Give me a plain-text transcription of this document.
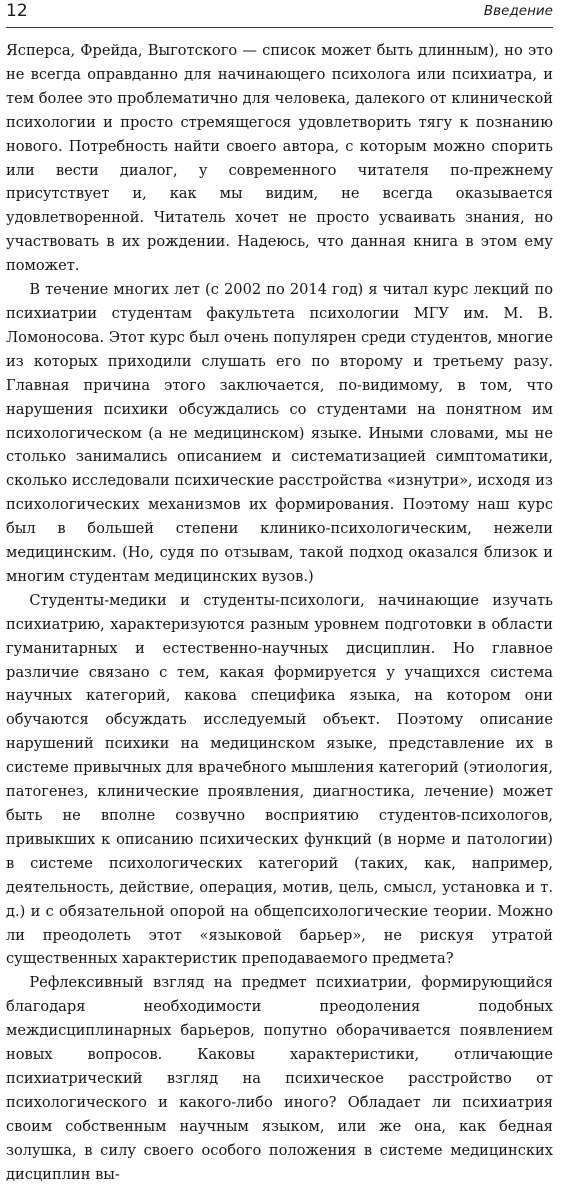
12	Введение

Ясперса, Фрейда, Выготского — список может быть длинным), но это не всегда оправданно для начинающего психолога или психиатра, и тем более это проблематично для человека, далекого от клинической психологии и просто стремящегося удовлетворить тягу к познанию нового. Потребность найти своего автора, с которым можно спорить или вести диалог, у современного читателя по-прежнему присутствует и, как мы видим, не всегда оказывается удовлетворенной. Читатель хочет не просто усваивать знания, но участвовать в их рождении. Надеюсь, что данная книга в этом ему поможет.

В течение многих лет (с 2002 по 2014 год) я читал курс лекций по психиатрии студентам факультета психологии МГУ им. М. В. Ломоносова. Этот курс был очень популярен среди студентов, многие из которых приходили слушать его по второму и третьему разу. Главная причина этого заключается, по-видимому, в том, что нарушения психики обсуждались со студентами на понятном им психологическом (а не медицинском) языке. Иными словами, мы не столько занимались описанием и систематизацией симптоматики, сколько исследовали психические расстройства «изнутри», исходя из психологических механизмов их формирования. Поэтому наш курс был в большей степени клинико-психологическим, нежели медицинским. (Но, судя по отзывам, такой подход оказался близок и многим студентам медицинских вузов.)

Студенты-медики и студенты-психологи, начинающие изучать психиатрию, характеризуются разным уровнем подготовки в области гуманитарных и естественно-научных дисциплин. Но главное различие связано с тем, какая формируется у учащихся система научных категорий, какова специфика языка, на котором они обучаются обсуждать исследуемый объект. Поэтому описание нарушений психики на медицинском языке, представление их в системе привычных для врачебного мышления категорий (этиология, патогенез, клинические проявления, диагностика, лечение) может быть не вполне созвучно восприятию студентов-психологов, привыкших к описанию психических функций (в норме и патологии) в системе психологических категорий (таких, как, например, деятельность, действие, операция, мотив, цель, смысл, установка и т. д.) и с обязательной опорой на общепсихологические теории. Можно ли преодолеть этот «языковой барьер», не рискуя утратой существенных характеристик преподаваемого предмета?

Рефлексивный взгляд на предмет психиатрии, формирующийся благодаря необходимости преодоления подобных междисциплинарных барьеров, попутно оборачивается появлением новых вопросов. Каковы характеристики, отличающие психиатрический взгляд на психическое расстройство от психологического и какого-либо иного? Обладает ли психиатрия своим собственным научным языком, или же она, как бедная золушка, в силу своего особого положения в системе медицинских дисциплин вы-
